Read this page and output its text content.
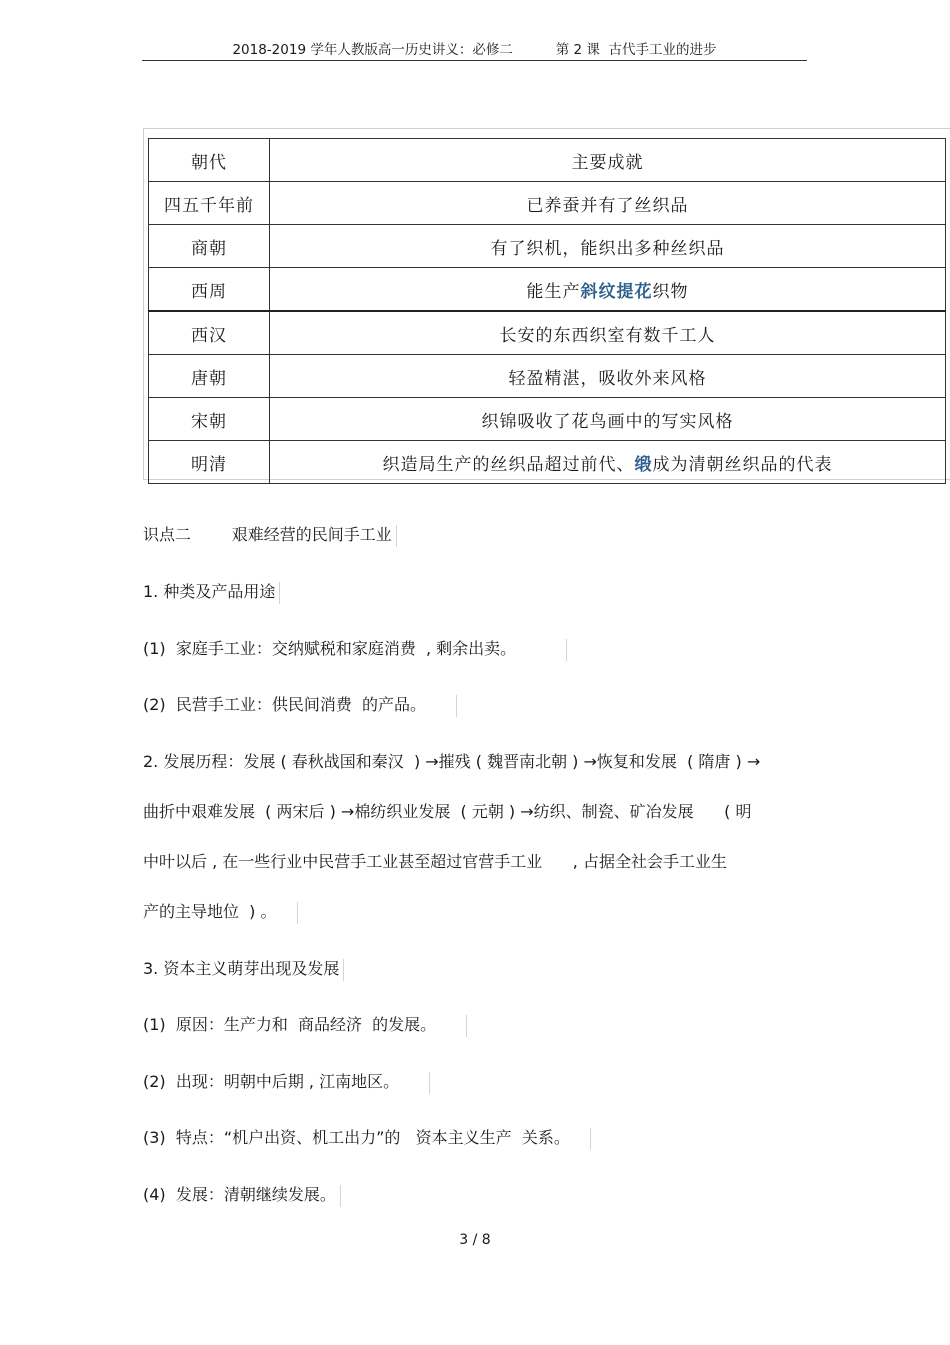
2018-2019 学年人教版高一历史讲义：必修二	第 2 课  古代手工业的进步
朝代	主要成就
四五千年前	已养蚕并有了丝织品
商朝	有了织机，能织出多种丝织品
西周	能生产斜纹提花织物
西汉	长安的东西织室有数千工人
唐朝	轻盈精湛，吸收外来风格
宋朝	织锦吸收了花鸟画中的写实风格
明清	织造局生产的丝织品超过前代、缎成为清朝丝织品的代表
识点二        艰难经营的民间手工业
1. 种类及产品用途
(1)  家庭手工业：交纳赋税和家庭消费  , 剩余出卖。
(2)  民营手工业：供民间消费  的产品。
2. 发展历程：发展 ( 春秋战国和秦汉  ) →摧残 ( 魏晋南北朝 ) →恢复和发展  ( 隋唐 ) →
曲折中艰难发展  ( 两宋后 ) →棉纺织业发展  ( 元朝 ) →纺织、制瓷、矿冶发展      ( 明
中叶以后 , 在一些行业中民营手工业甚至超过官营手工业      , 占据全社会手工业生
产的主导地位  ) 。
3. 资本主义萌芽出现及发展
(1)  原因：生产力和  商品经济  的发展。
(2)  出现：明朝中后期 , 江南地区。
(3)  特点：“机户出资、机工出力”的   资本主义生产  关系。
(4)  发展：清朝继续发展。
3 / 8
